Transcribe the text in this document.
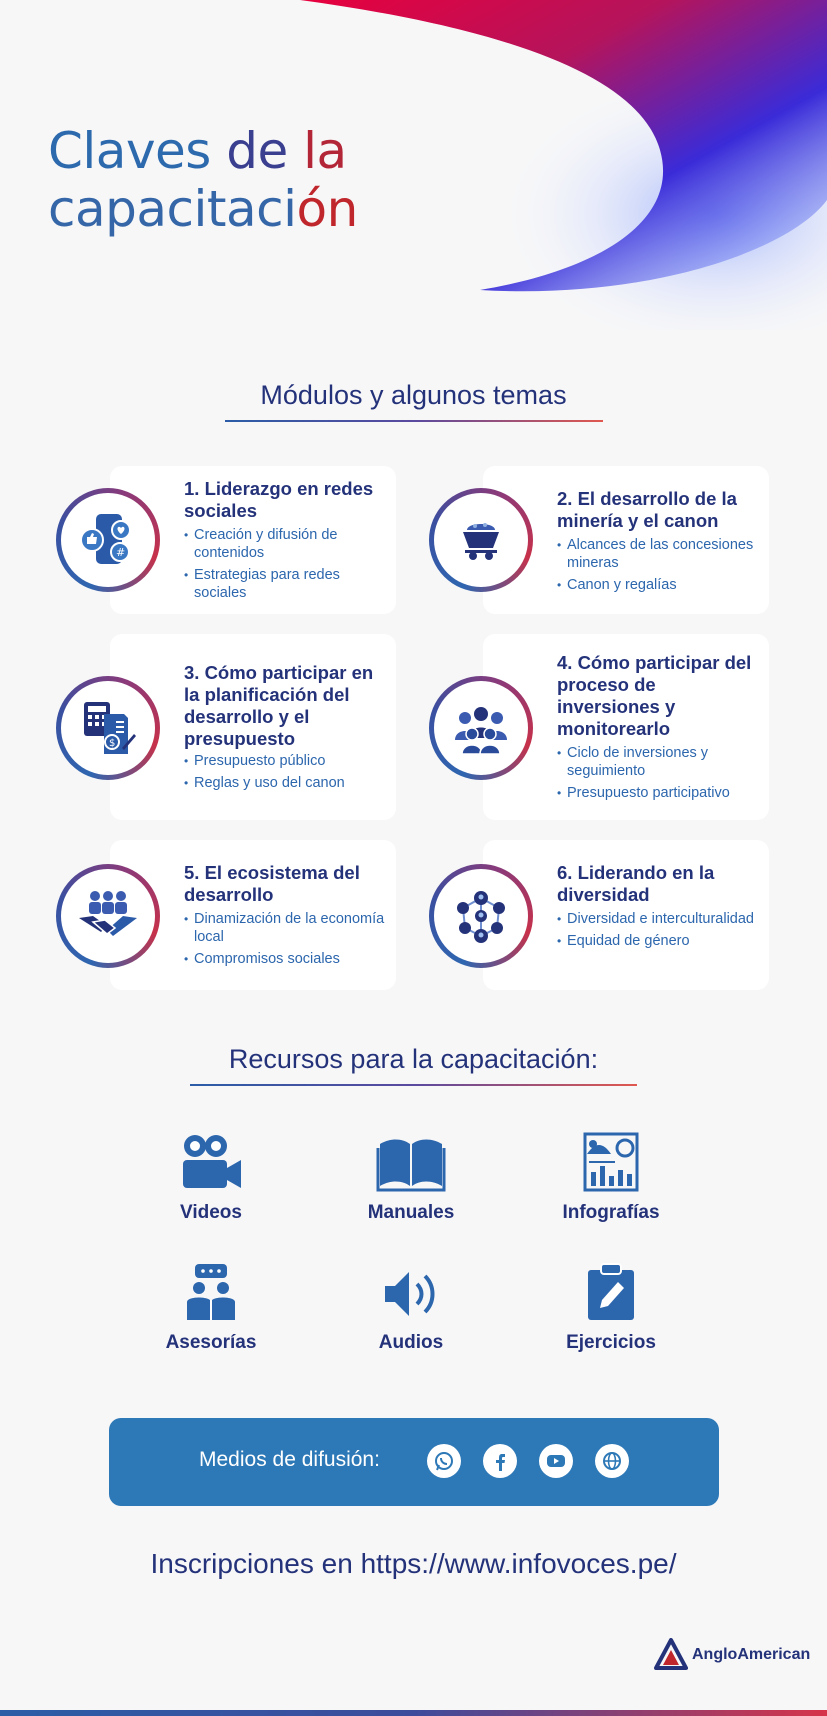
Claves de la
capacitación
Módulos y algunos temas
1. Liderazgo en redes sociales
• Creación y difusión de contenidos
• Estrategias para redes sociales
#
2. El desarrollo de la minería y el canon
• Alcances de las concesiones mineras
• Canon y regalías
3. Cómo participar en la planificación del desarrollo y el presupuesto
• Presupuesto público
• Reglas y uso del canon
$
4. Cómo participar del proceso de inversiones y monitorearlo
• Ciclo de inversiones y seguimiento
• Presupuesto participativo
5. El ecosistema del desarrollo
• Dinamización de la economía local
• Compromisos sociales
6. Liderando en la diversidad
• Diversidad e interculturalidad
• Equidad de género
Recursos para la capacitación:
Videos	Manuales	Infografías
Asesorías	Audios	Ejercicios
Medios de difusión:
Inscripciones en https://www.infovoces.pe/
AngloAmerican
